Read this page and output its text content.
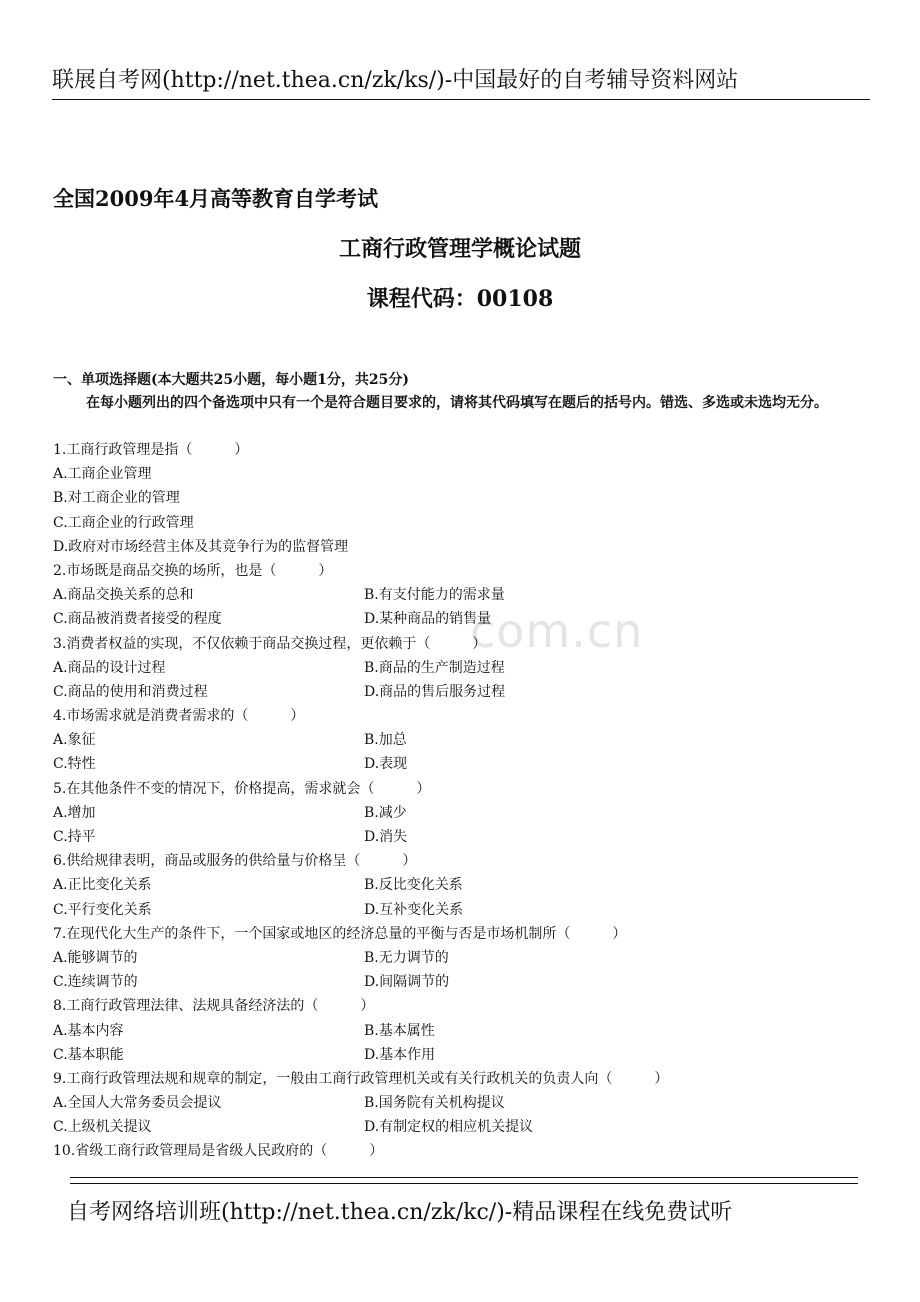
联展自考网(http://net.thea.cn/zk/ks/)-中国最好的自考辅导资料网站
全国2009年4月高等教育自学考试
工商行政管理学概论试题
课程代码：00108
一、单项选择题(本大题共25小题，每小题1分，共25分)
在每小题列出的四个备选项中只有一个是符合题目要求的，请将其代码填写在题后的括号内。错选、多选或未选均无分。
com.cn
1.工商行政管理是指（　　　）
A.工商企业管理
B.对工商企业的管理
C.工商企业的行政管理
D.政府对市场经营主体及其竞争行为的监督管理
2.市场既是商品交换的场所，也是（　　　）
A.商品交换关系的总和	B.有支付能力的需求量
C.商品被消费者接受的程度	D.某种商品的销售量
3.消费者权益的实现，不仅依赖于商品交换过程，更依赖于（　　　）
A.商品的设计过程	B.商品的生产制造过程
C.商品的使用和消费过程	D.商品的售后服务过程
4.市场需求就是消费者需求的（　　　）
A.象征	B.加总
C.特性	D.表现
5.在其他条件不变的情况下，价格提高，需求就会（　　　）
A.增加	B.减少
C.持平	D.消失
6.供给规律表明，商品或服务的供给量与价格呈（　　　）
A.正比变化关系	B.反比变化关系
C.平行变化关系	D.互补变化关系
7.在现代化大生产的条件下，一个国家或地区的经济总量的平衡与否是市场机制所（　　　）
A.能够调节的	B.无力调节的
C.连续调节的	D.间隔调节的
8.工商行政管理法律、法规具备经济法的（　　　）
A.基本内容	B.基本属性
C.基本职能	D.基本作用
9.工商行政管理法规和规章的制定，一般由工商行政管理机关或有关行政机关的负责人向（　　　）
A.全国人大常务委员会提议	B.国务院有关机构提议
C.上级机关提议	D.有制定权的相应机关提议
10.省级工商行政管理局是省级人民政府的（　　　）
自考网络培训班(http://net.thea.cn/zk/kc/)-精品课程在线免费试听
